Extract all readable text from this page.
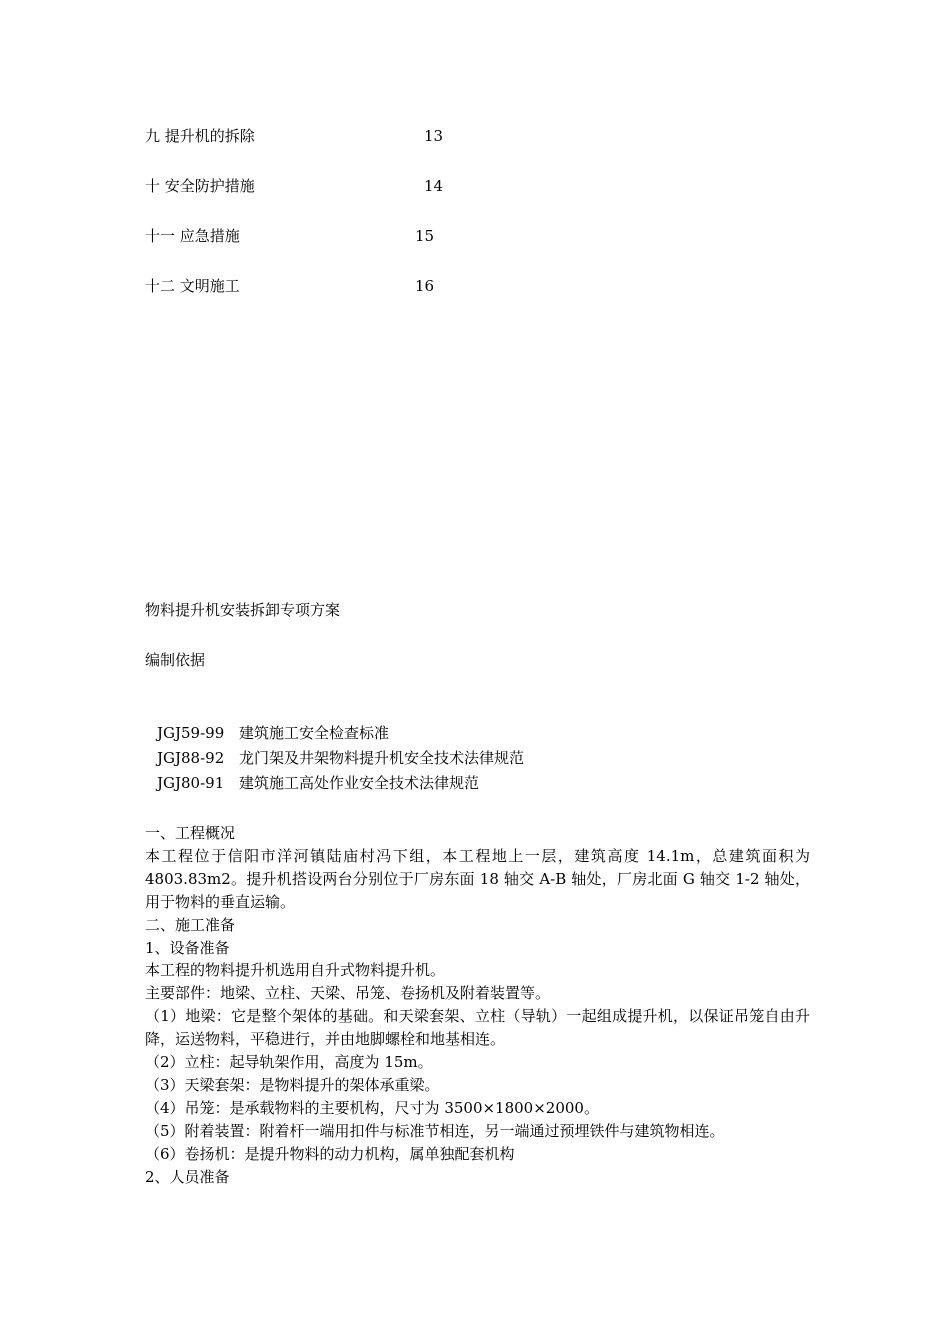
九 提升机的拆除	13
十 安全防护措施	14
十一 应急措施	15
十二 文明施工	16
物料提升机安装拆卸专项方案
编制依据
JGJ59-99 建筑施工安全检查标准
JGJ88-92 龙门架及井架物料提升机安全技术法律规范
JGJ80-91 建筑施工高处作业安全技术法律规范

一、工程概况

本工程位于信阳市洋河镇陆庙村冯下组，本工程地上一层，建筑高度 14.1m，总建筑面积为 4803.83m2。提升机搭设两台分别位于厂房东面 18 轴交 A-B 轴处，厂房北面 G 轴交 1-2 轴处，用于物料的垂直运输。

二、施工准备

1、设备准备

本工程的物料提升机选用自升式物料提升机。

主要部件：地梁、立柱、天梁、吊笼、卷扬机及附着装置等。

（1）地梁：它是整个架体的基础。和天梁套架、立柱（导轨）一起组成提升机，以保证吊笼自由升降，运送物料，平稳进行，并由地脚螺栓和地基相连。

（2）立柱：起导轨架作用，高度为 15m。

（3）天梁套架：是物料提升的架体承重梁。

（4）吊笼：是承载物料的主要机构，尺寸为 3500×1800×2000。

（5）附着装置：附着杆一端用扣件与标准节相连，另一端通过预埋铁件与建筑物相连。

（6）卷扬机：是提升物料的动力机构，属单独配套机构

2、人员准备
